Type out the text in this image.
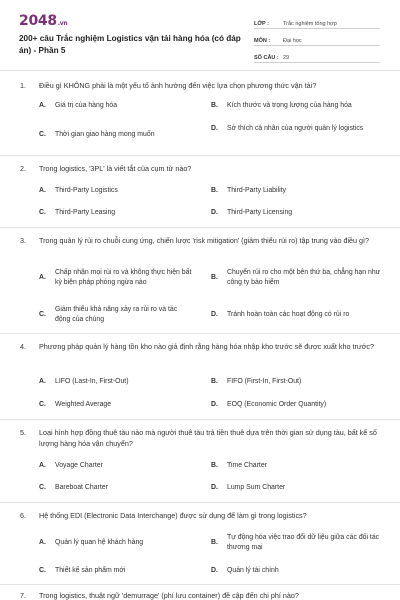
2048.vn
200+ câu Trắc nghiệm Logistics vận tải hàng hóa (có đáp án) - Phần 5
LỚP :	Trắc nghiệm tổng hợp
MÔN :	Đại học
SỐ CÂU : 29
1.	Điều gì KHÔNG phải là một yếu tố ảnh hưởng đến việc lựa chọn phương thức vận tải?
A.	Giá trị của hàng hóa	B.	Kích thước và trọng lượng của hàng hóa
C.	Thời gian giao hàng mong muốn
D.	Sở thích cá nhân của người quản lý logistics
2.	Trong logistics, '3PL' là viết tắt của cụm từ nào?
A.	Third-Party Logistics	B.	Third-Party Liability
C.	Third-Party Leasing	D.	Third-Party Licensing
3.	Trong quản lý rủi ro chuỗi cung ứng, chiến lược 'risk mitigation' (giảm thiểu rủi ro) tập trung vào điều gì?
A.
Chấp nhận mọi rủi ro và không thực hiện bất kỳ biện pháp phòng ngừa nào
B.
Chuyển rủi ro cho một bên thứ ba, chẳng hạn như công ty bảo hiểm
C.
Giảm thiểu khả năng xảy ra rủi ro và tác động của chúng
D.	Tránh hoàn toàn các hoạt động có rủi ro
4.	Phương pháp quản lý hàng tồn kho nào giả định rằng hàng hóa nhập kho trước sẽ được xuất kho trước?
A.	LIFO (Last-In, First-Out)	B.	FIFO (First-In, First-Out)
C.	Weighted Average	D.	EOQ (Economic Order Quantity)
5.	Loại hình hợp đồng thuê tàu nào mà người thuê tàu trả tiền thuê dựa trên thời gian sử dụng tàu, bất kể số lượng hàng hóa vận chuyển?
A.	Voyage Charter	B.	Time Charter
C.	Bareboat Charter	D.	Lump Sum Charter
6.	Hệ thống EDI (Electronic Data Interchange) được sử dụng để làm gì trong logistics?
A.	Quản lý quan hệ khách hàng	B.
Tự động hóa việc trao đổi dữ liệu giữa các đối tác thương mại
C.	Thiết kế sản phẩm mới	D.	Quản lý tài chính
7.	Trong logistics, thuật ngữ 'demurrage' (phí lưu container) đề cập đến chi phí nào?
